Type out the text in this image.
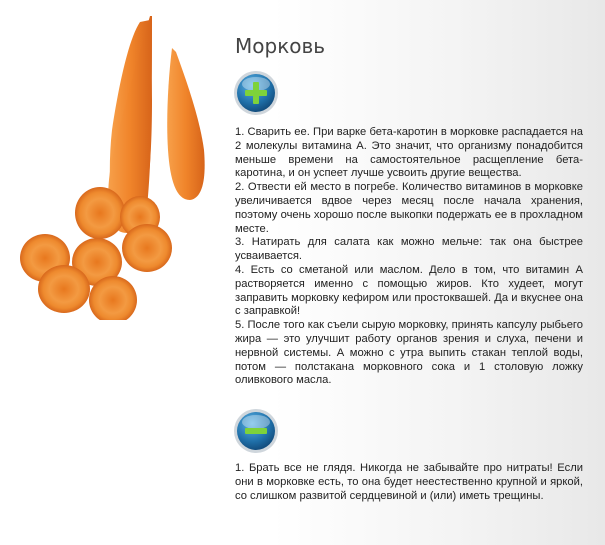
Морковь

1. Сварить ее. При варке бета-каротин в морковке распадается на 2 молекулы витамина А. Это значит, что организму понадобится меньше времени на самостоятельное расщепление бета-каротина, и он успеет лучше усвоить другие вещества.

2. Отвести ей место в погребе. Количество витаминов в морковке увеличивается вдвое через месяц после начала хранения, поэтому очень хорошо после выкопки подержать ее в прохладном месте.

3. Натирать для салата как можно мельче: так она быстрее усваивается.

4. Есть со сметаной или маслом. Дело в том, что витамин А растворяется именно с помощью жиров. Кто худеет, могут заправить морковку кефиром или простоквашей. Да и вкуснее она с заправкой!

5. После того как съели сырую морковку, принять капсулу рыбьего жира — это улучшит работу органов зрения и слуха, печени и нервной системы. А можно с утра выпить стакан теплой воды, потом — полстакана морковного сока и 1 столовую ложку оливкового масла.

1. Брать все не глядя. Никогда не забывайте про нитраты! Если они в морковке есть, то она будет неестественно крупной и яркой, со слишком развитой сердцевиной и (или) иметь трещины.
